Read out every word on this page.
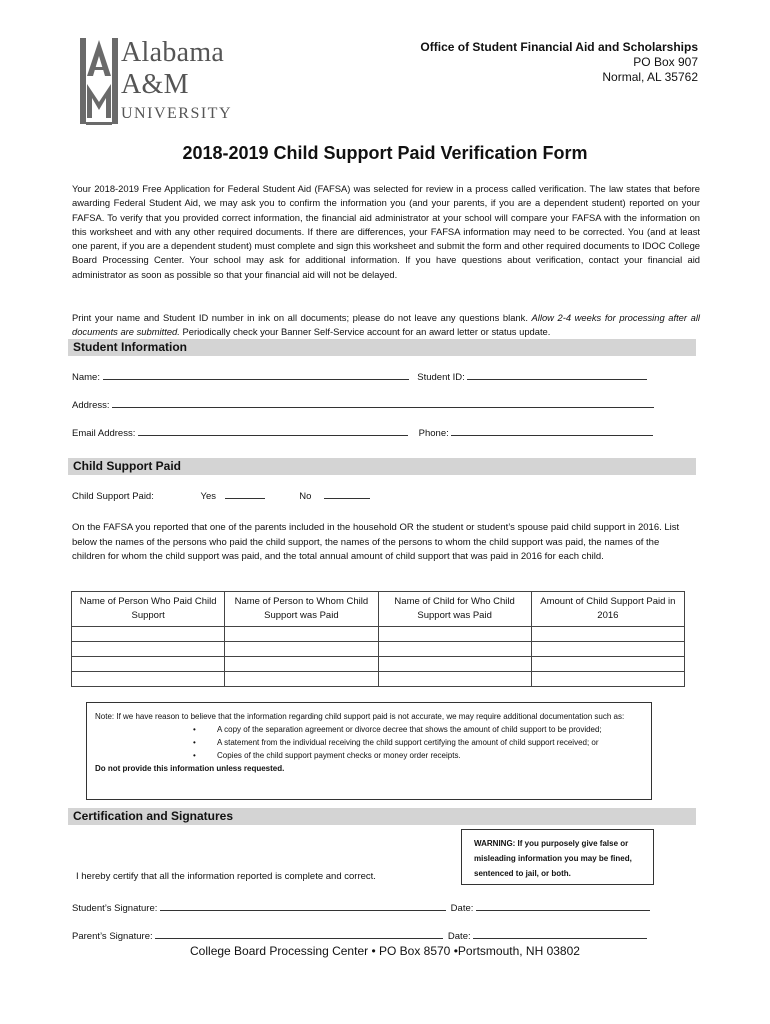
Alabama
A&M
UNIVERSITY
Office of Student Financial Aid and Scholarships
PO Box 907
Normal, AL 35762
2018-2019 Child Support Paid Verification Form
Your 2018-2019 Free Application for Federal Student Aid (FAFSA) was selected for review in a process called verification. The law states that before awarding Federal Student Aid, we may ask you to confirm the information you (and your parents, if you are a dependent student) reported on your FAFSA. To verify that you provided correct information, the financial aid administrator at your school will compare your FAFSA with the information on this worksheet and with any other required documents. If there are differences, your FAFSA information may need to be corrected. You (and at least one parent, if you are a dependent student) must complete and sign this worksheet and submit the form and other required documents to IDOC College Board Processing Center. Your school may ask for additional information. If you have questions about verification, contact your financial aid administrator as soon as possible so that your financial aid will not be delayed.
Print your name and Student ID number in ink on all documents; please do not leave any questions blank. Allow 2-4 weeks for processing after all documents are submitted. Periodically check your Banner Self-Service account for an award letter or status update.
Student Information
Name:	Student ID:
Address:
Email Address:	Phone:
Child Support Paid
Child Support Paid:	Yes	No
On the FAFSA you reported that one of the parents included in the household OR the student or student’s spouse paid child support in 2016. List below the names of the persons who paid the child support, the names of the persons to whom the child support was paid, the names of the children for whom the child support was paid, and the total annual amount of child support that was paid in 2016 for each child.
Name of Person Who Paid Child Support	Name of Person to Whom Child Support was Paid	Name of Child for Who Child Support was Paid	Amount of Child Support Paid in 2016

Note: If we have reason to believe that the information regarding child support paid is not accurate, we may require additional documentation such as:
• A copy of the separation agreement or divorce decree that shows the amount of child support to be provided;
• A statement from the individual receiving the child support certifying the amount of child support received; or
• Copies of the child support payment checks or money order receipts.
Do not provide this information unless requested.
Certification and Signatures
WARNING: If you purposely give false or misleading information you may be fined, sentenced to jail, or both.
I hereby certify that all the information reported is complete and correct.
Student’s Signature:	Date:
Parent’s Signature:	Date:
College Board Processing Center • PO Box 8570 •Portsmouth, NH 03802
